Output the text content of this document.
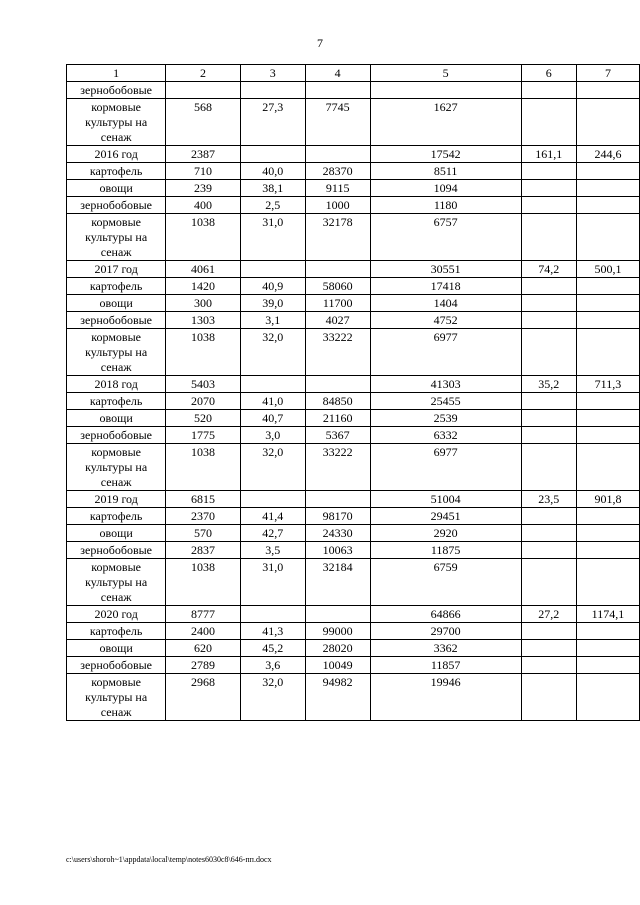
7
1	2	3	4	5	6	7
зернобобовые						
кормовые культуры на сенаж	568	27,3	7745	1627		
2016 год	2387			17542	161,1	244,6
картофель	710	40,0	28370	8511		
овощи	239	38,1	9115	1094		
зернобобовые	400	2,5	1000	1180		
кормовые культуры на сенаж	1038	31,0	32178	6757		
2017 год	4061			30551	74,2	500,1
картофель	1420	40,9	58060	17418		
овощи	300	39,0	11700	1404		
зернобобовые	1303	3,1	4027	4752		
кормовые культуры на сенаж	1038	32,0	33222	6977		
2018 год	5403			41303	35,2	711,3
картофель	2070	41,0	84850	25455		
овощи	520	40,7	21160	2539		
зернобобовые	1775	3,0	5367	6332		
кормовые культуры на сенаж	1038	32,0	33222	6977		
2019 год	6815			51004	23,5	901,8
картофель	2370	41,4	98170	29451		
овощи	570	42,7	24330	2920		
зернобобовые	2837	3,5	10063	11875		
кормовые культуры на сенаж	1038	31,0	32184	6759		
2020 год	8777			64866	27,2	1174,1
картофель	2400	41,3	99000	29700		
овощи	620	45,2	28020	3362		
зернобобовые	2789	3,6	10049	11857		
кормовые культуры на сенаж	2968	32,0	94982	19946		
c:\users\shoroh~1\appdata\local\temp\notes6030c8\646-пп.docx
